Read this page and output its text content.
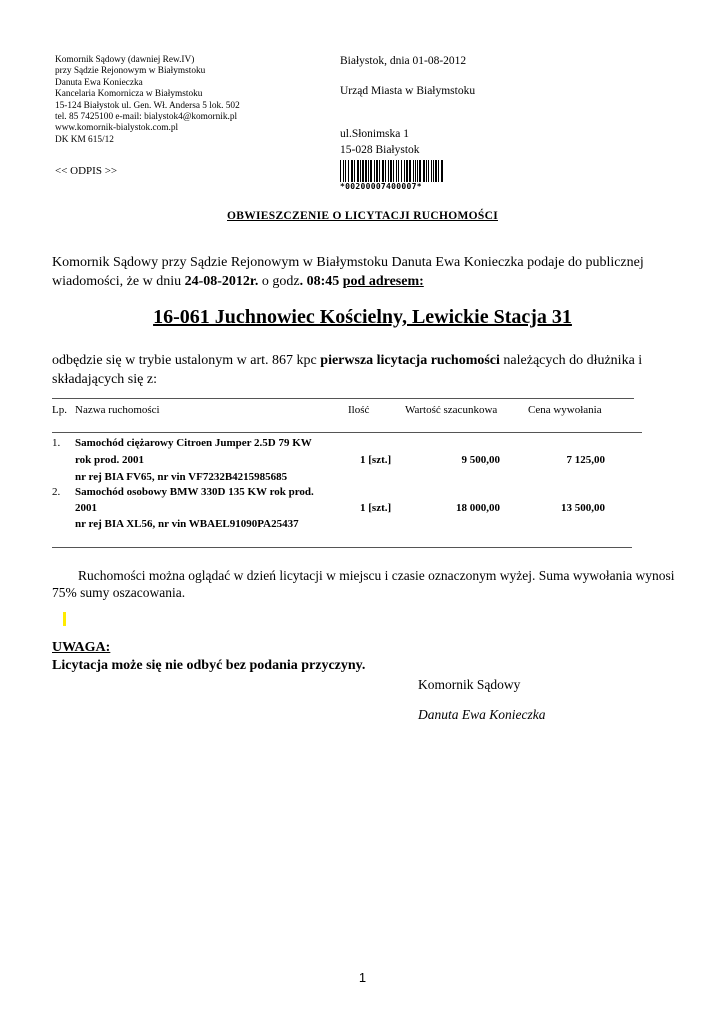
Komornik Sądowy (dawniej Rew.IV)
przy Sądzie Rejonowym w Białymstoku
Danuta Ewa Konieczka
Kancelaria Komornicza w Białymstoku
15-124 Białystok ul. Gen. Wł. Andersa 5 lok. 502
tel. 85 7425100 e-mail: bialystok4@komornik.pl
www.komornik-bialystok.com.pl
DK KM 615/12
<< ODPIS >>
Białystok, dnia 01-08-2012
Urząd Miasta w Białymstoku
ul.Słonimska 1
15-028 Białystok
*00200007400007*
OBWIESZCZENIE O LICYTACJI RUCHOMOŚCI
Komornik Sądowy przy Sądzie Rejonowym w Białymstoku Danuta Ewa Konieczka podaje do publicznej wiadomości, że w dniu 24-08-2012r. o godz. 08:45 pod adresem:
16-061 Juchnowiec Kościelny, Lewickie Stacja 31
odbędzie się w trybie ustalonym w art. 867 kpc pierwsza licytacja ruchomości należących do dłużnika i składających się z:
Lp. Nazwa ruchomości	Ilość	Wartość szacunkowa	Cena wywołania
1. Samochód ciężarowy Citroen Jumper 2.5D 79 KW
rok prod. 2001	1 [szt.]	9 500,00	7 125,00
nr rej BIA FV65, nr vin VF7232B4215985685
2. Samochód osobowy BMW 330D 135 KW rok prod.
2001	1 [szt.]	18 000,00	13 500,00
nr rej BIA XL56, nr vin WBAEL91090PA25437
Ruchomości można oglądać w dzień licytacji w miejscu i czasie oznaczonym wyżej. Suma wywołania wynosi 75% sumy oszacowania.
UWAGA:
Licytacja może się nie odbyć bez podania przyczyny.
Komornik Sądowy
Danuta Ewa Konieczka
1
